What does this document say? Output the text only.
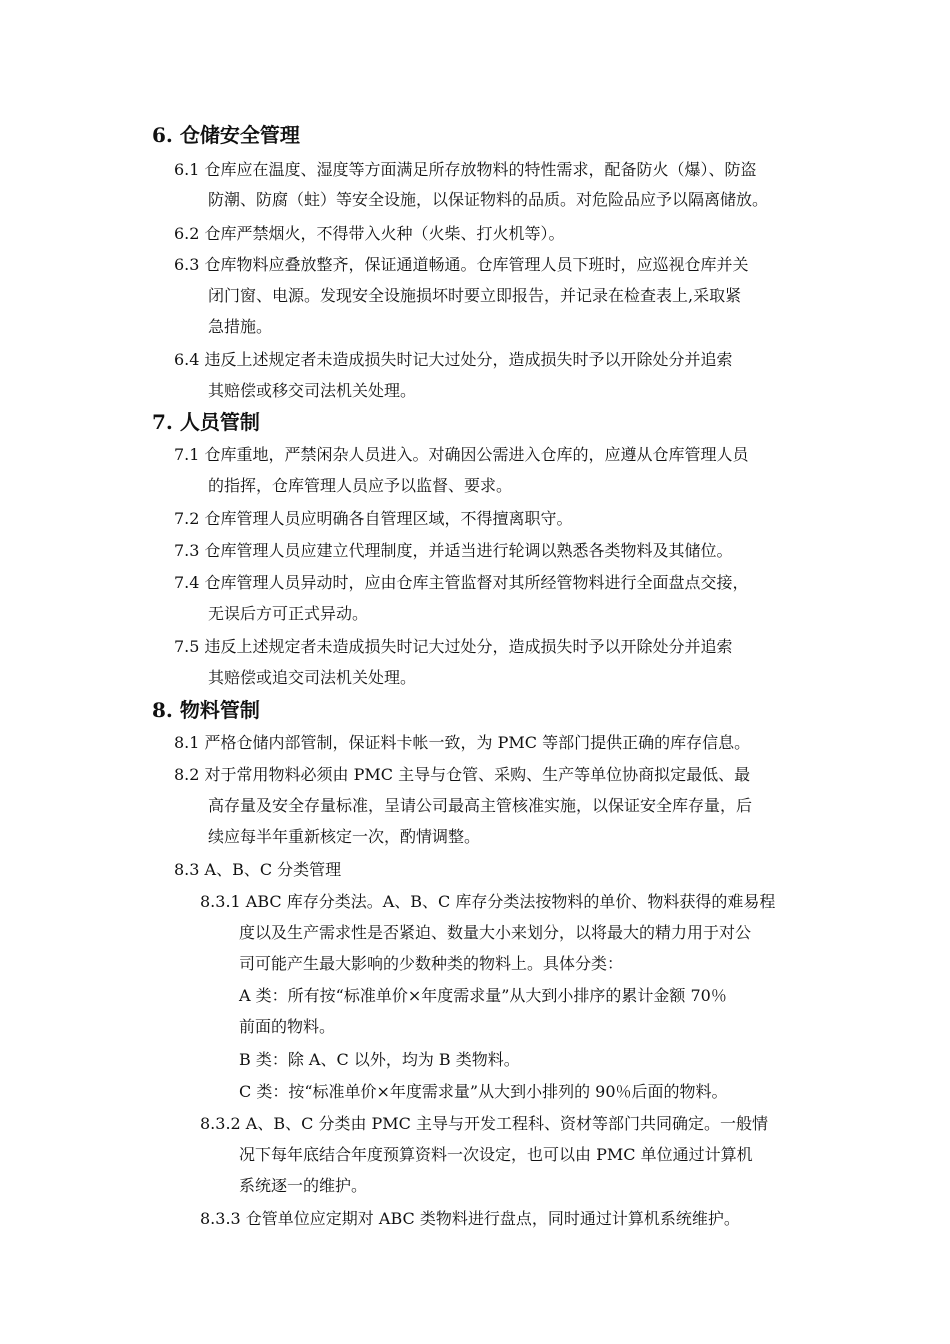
6. 仓储安全管理
6.1 仓库应在温度、湿度等方面满足所存放物料的特性需求，配备防火（爆）、防盗
防潮、防腐（蛀）等安全设施，以保证物料的品质。对危险品应予以隔离储放。
6.2 仓库严禁烟火，不得带入火种（火柴、打火机等）。
6.3 仓库物料应叠放整齐，保证通道畅通。仓库管理人员下班时，应巡视仓库并关
闭门窗、电源。发现安全设施损坏时要立即报告，并记录在检查表上,采取紧
急措施。
6.4 违反上述规定者未造成损失时记大过处分，造成损失时予以开除处分并追索
其赔偿或移交司法机关处理。
7. 人员管制
7.1 仓库重地，严禁闲杂人员进入。对确因公需进入仓库的，应遵从仓库管理人员
的指挥，仓库管理人员应予以监督、要求。
7.2 仓库管理人员应明确各自管理区域，不得擅离职守。
7.3 仓库管理人员应建立代理制度，并适当进行轮调以熟悉各类物料及其储位。
7.4 仓库管理人员异动时，应由仓库主管监督对其所经管物料进行全面盘点交接，
无误后方可正式异动。
7.5 违反上述规定者未造成损失时记大过处分，造成损失时予以开除处分并追索
其赔偿或追交司法机关处理。
8. 物料管制
8.1 严格仓储内部管制，保证料卡帐一致，为 PMC 等部门提供正确的库存信息。
8.2 对于常用物料必须由 PMC 主导与仓管、采购、生产等单位协商拟定最低、最
高存量及安全存量标准，呈请公司最高主管核准实施，以保证安全库存量，后
续应每半年重新核定一次，酌情调整。
8.3 A、B、C 分类管理
8.3.1 ABC 库存分类法。A、B、C 库存分类法按物料的单价、物料获得的难易程
度以及生产需求性是否紧迫、数量大小来划分，以将最大的精力用于对公
司可能产生最大影响的少数种类的物料上。具体分类：
A 类：所有按“标准单价×年度需求量”从大到小排序的累计金额 70％
前面的物料。
B 类：除 A、C 以外，均为 B 类物料。
C 类：按“标准单价×年度需求量”从大到小排列的 90％后面的物料。
8.3.2 A、B、C 分类由 PMC 主导与开发工程科、资材等部门共同确定。一般情
况下每年底结合年度预算资料一次设定，也可以由 PMC 单位通过计算机
系统逐一的维护。
8.3.3 仓管单位应定期对 ABC 类物料进行盘点，同时通过计算机系统维护。
